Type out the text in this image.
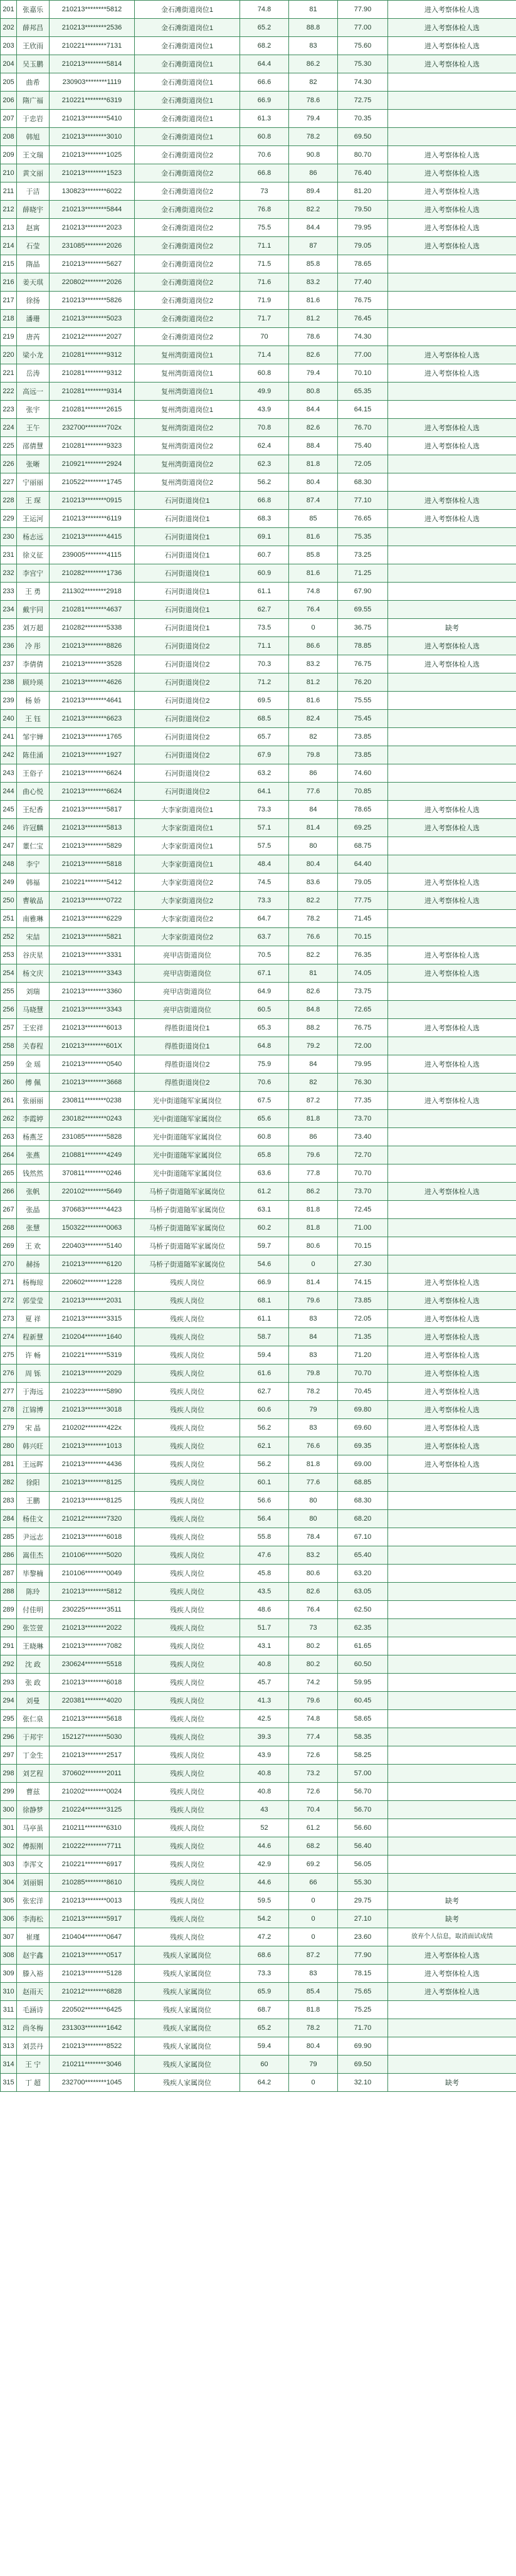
201	张嘉乐	210213********5812	金石滩街道岗位1	74.8	81	77.90	进入考察体检人选
202	薛邦昌	210213********2536	金石滩街道岗位1	65.2	88.8	77.00	进入考察体检人选
203	王欣雨	210221********7131	金石滩街道岗位1	68.2	83	75.60	进入考察体检人选
204	吴玉鹏	210213********5814	金石滩街道岗位1	64.4	86.2	75.30	进入考察体检人选
205	曲希	230903********1119	金石滩街道岗位1	66.6	82	74.30	
206	隋广福	210221********6319	金石滩街道岗位1	66.9	78.6	72.75	
207	于忠岩	210213********5410	金石滩街道岗位1	61.3	79.4	70.35	
208	韩旭	210213********3010	金石滩街道岗位1	60.8	78.2	69.50	
209	王文瑞	210213********1025	金石滩街道岗位2	70.6	90.8	80.70	进入考察体检人选
210	黄文丽	210213********1523	金石滩街道岗位2	66.8	86	76.40	进入考察体检人选
211	于洁	130823********6022	金石滩街道岗位2	73	89.4	81.20	进入考察体检人选
212	薛晓宇	210213********5844	金石滩街道岗位2	76.8	82.2	79.50	进入考察体检人选
213	赵寓	210213********2023	金石滩街道岗位2	75.5	84.4	79.95	进入考察体检人选
214	石莹	231085********2026	金石滩街道岗位2	71.1	87	79.05	进入考察体检人选
215	隋晶	210213********5627	金石滩街道岗位2	71.5	85.8	78.65	
216	姜天琪	220802********2026	金石滩街道岗位2	71.6	83.2	77.40	
217	徐扬	210213********5826	金石滩街道岗位2	71.9	81.6	76.75	
218	潘珊	210213********5023	金石滩街道岗位2	71.7	81.2	76.45	
219	唐芮	210212********2027	金石滩街道岗位2	70	78.6	74.30	
220	梁小龙	210281********9312	复州湾街道岗位1	71.4	82.6	77.00	进入考察体检人选
221	岳涛	210281********9312	复州湾街道岗位1	60.8	79.4	70.10	进入考察体检人选
222	高远一	210281********9314	复州湾街道岗位1	49.9	80.8	65.35	
223	张宇	210281********2615	复州湾街道岗位1	43.9	84.4	64.15	
224	王午	232700********702x	复州湾街道岗位2	70.8	82.6	76.70	进入考察体检人选
225	邵倩慧	210281********9323	复州湾街道岗位2	62.4	88.4	75.40	进入考察体检人选
226	张晰	210921********2924	复州湾街道岗位2	62.3	81.8	72.05	
227	宁丽丽	210522********1745	复州湾街道岗位2	56.2	80.4	68.30	
228	王 琛	210213********0915	石河街道岗位1	66.8	87.4	77.10	进入考察体检人选
229	王运河	210213********6119	石河街道岗位1	68.3	85	76.65	进入考察体检人选
230	杨志远	210213********4415	石河街道岗位1	69.1	81.6	75.35	
231	徐义征	239005********4115	石河街道岗位1	60.7	85.8	73.25	
232	李宫宁	210282********1736	石河街道岗位1	60.9	81.6	71.25	
233	王 勇	211302********2918	石河街道岗位1	61.1	74.8	67.90	
234	戴宇同	210281********4637	石河街道岗位1	62.7	76.4	69.55	
235	刘万超	210282********5338	石河街道岗位1	73.5	0	36.75	缺考
236	冷 彤	210213********8826	石河街道岗位2	71.1	86.6	78.85	进入考察体检人选
237	李倩倩	210213********3528	石河街道岗位2	70.3	83.2	76.75	进入考察体检人选
238	顾玲瑛	210213********4626	石河街道岗位2	71.2	81.2	76.20	
239	杨 娇	210213********4641	石河街道岗位2	69.5	81.6	75.55	
240	王 钰	210213********6623	石河街道岗位2	68.5	82.4	75.45	
241	邹宇婵	210213********1765	石河街道岗位2	65.7	82	73.85	
242	陈佳涌	210213********1927	石河街道岗位2	67.9	79.8	73.85	
243	王俗子	210213********6624	石河街道岗位2	63.2	86	74.60	
244	曲心悦	210213********6624	石河街道岗位2	64.1	77.6	70.85	
245	王纪香	210213********5817	大李家街道岗位1	73.3	84	78.65	进入考察体检人选
246	许冠麟	210213********5813	大李家街道岗位1	57.1	81.4	69.25	进入考察体检人选
247	董仁宝	210213********5829	大李家街道岗位1	57.5	80	68.75	
248	李宁	210213********5818	大李家街道岗位1	48.4	80.4	64.40	
249	韩福	210221********5412	大李家街道岗位2	74.5	83.6	79.05	进入考察体检人选
250	曹敏晶	210213********0722	大李家街道岗位2	73.3	82.2	77.75	进入考察体检人选
251	南雅琳	210213********6229	大李家街道岗位2	64.7	78.2	71.45	
252	宋喆	210213********5821	大李家街道岗位2	63.7	76.6	70.15	
253	谷庆星	210213********3331	亮甲店街道岗位	70.5	82.2	76.35	进入考察体检人选
254	杨文庆	210213********3343	亮甲店街道岗位	67.1	81	74.05	进入考察体检人选
255	刘瑞	210213********3360	亮甲店街道岗位	64.9	82.6	73.75	
256	马晓慧	210213********3343	亮甲店街道岗位	60.5	84.8	72.65	
257	王宏祥	210213********6013	得胜街道岗位1	65.3	88.2	76.75	进入考察体检人选
258	关春程	210213********601X	得胜街道岗位1	64.8	79.2	72.00	
259	金 瑶	210213********0540	得胜街道岗位2	75.9	84	79.95	进入考察体检人选
260	傅 佩	210213********3668	得胜街道岗位2	70.6	82	76.30	
261	张丽丽	230811********0238	光中街道随军家属岗位	67.5	87.2	77.35	进入考察体检人选
262	李霞婷	230182********0243	光中街道随军家属岗位	65.6	81.8	73.70	
263	杨燕芝	231085********5828	光中街道随军家属岗位	60.8	86	73.40	
264	张燕	210881********4249	光中街道随军家属岗位	65.8	79.6	72.70	
265	钱然然	370811********0246	光中街道随军家属岗位	63.6	77.8	70.70	
266	张帆	220102********5649	马桥子街道随军家属岗位	61.2	86.2	73.70	进入考察体检人选
267	张晶	370683********4423	马桥子街道随军家属岗位	63.1	81.8	72.45	
268	张慧	150322********0063	马桥子街道随军家属岗位	60.2	81.8	71.00	
269	王 欢	220403********5140	马桥子街道随军家属岗位	59.7	80.6	70.15	
270	赫扬	210213********6120	马桥子街道随军家属岗位	54.6	0	27.30	
271	杨梅琼	220602********1228	残疾人岗位	66.9	81.4	74.15	进入考察体检人选
272	郭莹莹	210213********2031	残疾人岗位	68.1	79.6	73.85	进入考察体检人选
273	夏 祥	210213********3315	残疾人岗位	61.1	83	72.05	进入考察体检人选
274	程新慧	210204********1640	残疾人岗位	58.7	84	71.35	进入考察体检人选
275	许 畅	210221********5319	残疾人岗位	59.4	83	71.20	进入考察体检人选
276	周 铄	210213********2029	残疾人岗位	61.6	79.8	70.70	进入考察体检人选
277	于海远	210223********5890	残疾人岗位	62.7	78.2	70.45	进入考察体检人选
278	江锦博	210213********3018	残疾人岗位	60.6	79	69.80	进入考察体检人选
279	宋 晶	210202********422x	残疾人岗位	56.2	83	69.60	进入考察体检人选
280	韩兴旺	210213********1013	残疾人岗位	62.1	76.6	69.35	进入考察体检人选
281	王远晖	210213********4436	残疾人岗位	56.2	81.8	69.00	进入考察体检人选
282	徐阳	210213********8125	残疾人岗位	60.1	77.6	68.85	
283	王鹏	210213********8125	残疾人岗位	56.6	80	68.30	
284	杨佳文	210212********7320	残疾人岗位	56.4	80	68.20	
285	尹远志	210213********6018	残疾人岗位	55.8	78.4	67.10	
286	嵩佳杰	210106********5020	残疾人岗位	47.6	83.2	65.40	
287	毕黎楠	210106********0049	残疾人岗位	45.8	80.6	63.20	
288	陈玲	210213********5812	残疾人岗位	43.5	82.6	63.05	
289	付佳明	230225********3511	残疾人岗位	48.6	76.4	62.50	
290	张笠萱	210213********2022	残疾人岗位	51.7	73	62.35	
291	王晓琳	210213********7082	残疾人岗位	43.1	80.2	61.65	
292	沈 政	230624********5518	残疾人岗位	40.8	80.2	60.50	
293	张 政	210213********6018	残疾人岗位	45.7	74.2	59.95	
294	刘曼	220381********4020	残疾人岗位	41.3	79.6	60.45	
295	张仁泉	210213********5618	残疾人岗位	42.5	74.8	58.65	
296	于邦宇	152127********5030	残疾人岗位	39.3	77.4	58.35	
297	丁金生	210213********2517	残疾人岗位	43.9	72.6	58.25	
298	刘艺程	370602********2011	残疾人岗位	40.8	73.2	57.00	
299	曹兹	210202********0024	残疾人岗位	40.8	72.6	56.70	
300	徐静梦	210224********3125	残疾人岗位	43	70.4	56.70	
301	马亭虽	210211********6310	残疾人岗位	52	61.2	56.60	
302	傅振刚	210222********7711	残疾人岗位	44.6	68.2	56.40	
303	李浑文	210221********6917	残疾人岗位	42.9	69.2	56.05	
304	刘丽娟	210285********8610	残疾人岗位	44.6	66	55.30	
305	张宏洋	210213********0013	残疾人岗位	59.5	0	29.75	缺考
306	李海松	210213********5917	残疾人岗位	54.2	0	27.10	缺考
307	崔瑾	210404********0647	残疾人岗位	47.2	0	23.60	放弃个人信息，取消面试成绩
308	赵宇鑫	210213********0517	残疾人家属岗位	68.6	87.2	77.90	进入考察体检人选
309	滕入裕	210213********5128	残疾人家属岗位	73.3	83	78.15	进入考察体检人选
310	赵雨天	210212********6828	残疾人家属岗位	65.9	85.4	75.65	进入考察体检人选
311	毛涵诗	220502********6425	残疾人家属岗位	68.7	81.8	75.25	
312	尚冬梅	231303********1642	残疾人家属岗位	65.2	78.2	71.70	
313	刘芸丹	210213********8522	残疾人家属岗位	59.4	80.4	69.90	
314	王 宁	210211********3046	残疾人家属岗位	60	79	69.50	
315	丁 超	232700********1045	残疾人家属岗位	64.2	0	32.10	缺考
